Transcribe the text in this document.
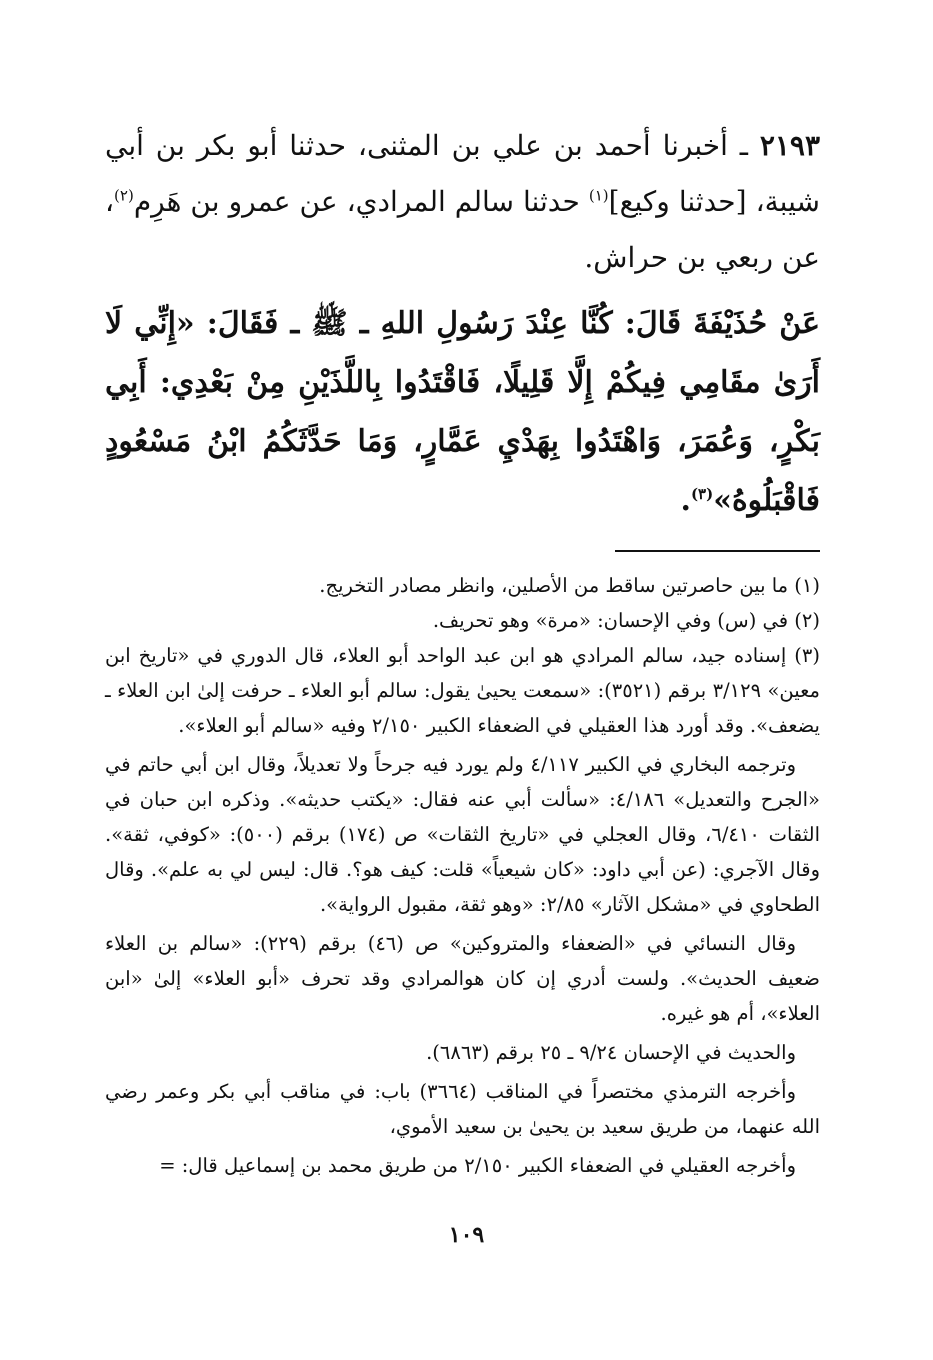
٢١٩٣ ـ أخبرنا أحمد بن علي بن المثنى، حدثنا أبو بكر بن أبي شيبة، [حدثنا وكيع]$^{(١)}$ حدثنا سالم المرادي، عن عمرو بن هَرِم$^{(٢)}$، عن ربعي بن حراش.

عَنْ حُذَيْفَةَ قَالَ: كُنَّا عِنْدَ رَسُولِ اللهِ ـ ﷺ ـ فَقَالَ: «إِنِّي لَا أَرَىٰ مقَامِي فِيكُمْ إِلَّا قَلِيلًا، فَاقْتَدُوا بِاللَّذَيْنِ مِنْ بَعْدِي: أَبِي بَكْرٍ، وَعُمَرَ، وَاهْتَدُوا بِهَدْيِ عَمَّارٍ، وَمَا حَدَّثَكُمُ ابْنُ مَسْعُودٍ فَاقْبَلُوهُ»$^{(٣)}$.

(١) ما بين حاصرتين ساقط من الأصلين، وانظر مصادر التخريج.

(٢) في (س) وفي الإحسان: «مرة» وهو تحريف.

(٣) إسناده جيد، سالم المرادي هو ابن عبد الواحد أبو العلاء، قال الدوري في «تاريخ ابن معين» ٣/١٢٩ برقم (٣٥٢١): «سمعت يحيىٰ يقول: سالم أبو العلاء ـ حرفت إلىٰ ابن العلاء ـ يضعف». وقد أورد هذا العقيلي في الضعفاء الكبير ٢/١٥٠ وفيه «سالم أبو العلاء».

وترجمه البخاري في الكبير ٤/١١٧ ولم يورد فيه جرحاً ولا تعديلاً، وقال ابن أبي حاتم في «الجرح والتعديل» ٤/١٨٦: «سألت أبي عنه فقال: «يكتب حديثه». وذكره ابن حبان في الثقات ٦/٤١٠، وقال العجلي في «تاريخ الثقات» ص (١٧٤) برقم (٥٠٠): «كوفي، ثقة». وقال الآجري: (عن أبي داود: «كان شيعياً» قلت: كيف هو؟. قال: ليس لي به علم». وقال الطحاوي في «مشكل الآثار» ٢/٨٥: «وهو ثقة، مقبول الرواية».

وقال النسائي في «الضعفاء والمتروكين» ص (٤٦) برقم (٢٢٩): «سالم بن العلاء ضعيف الحديث». ولست أدري إن كان هوالمرادي وقد تحرف «أبو العلاء» إلىٰ «ابن العلاء»، أم هو غيره.

والحديث في الإحسان ٩/٢٤ ـ ٢٥ برقم (٦٨٦٣).

وأخرجه الترمذي مختصراً في المناقب (٣٦٦٤) باب: في مناقب أبي بكر وعمر رضي الله عنهما، من طريق سعيد بن يحيىٰ بن سعيد الأموي،

وأخرجه العقيلي في الضعفاء الكبير ٢/١٥٠ من طريق محمد بن إسماعيل قال: =

١٠٩
